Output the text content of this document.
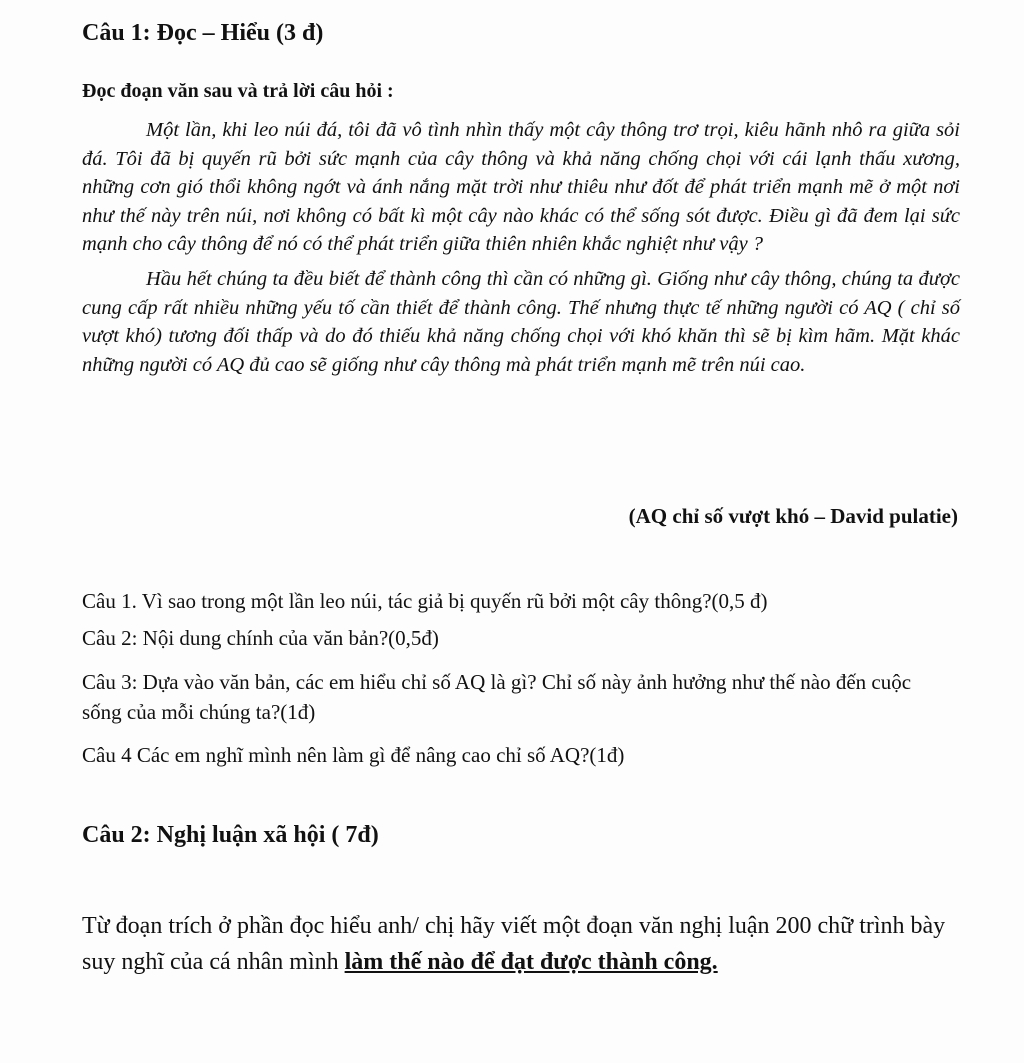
Câu 1: Đọc – Hiểu (3 đ)
Đọc đoạn văn sau và trả lời câu hỏi :

Một lần, khi leo núi đá, tôi đã vô tình nhìn thấy một cây thông trơ trọi, kiêu hãnh nhô ra giữa sỏi đá. Tôi đã bị quyến rũ bởi sức mạnh của cây thông và khả năng chống chọi với cái lạnh thấu xương, những cơn gió thổi không ngớt và ánh nắng mặt trời như thiêu như đốt để phát triển mạnh mẽ ở một nơi như thế này trên núi, nơi không có bất kì một cây nào khác có thể sống sót được. Điều gì đã đem lại sức mạnh cho cây thông để nó có thể phát triển giữa thiên nhiên khắc nghiệt như vậy ?

Hầu hết chúng ta đều biết để thành công thì cần có những gì. Giống như cây thông, chúng ta được cung cấp rất nhiều những yếu tố cần thiết để thành công. Thế nhưng thực tế những người có AQ ( chỉ số vượt khó) tương đối thấp và do đó thiếu khả năng chống chọi với khó khăn thì sẽ bị kìm hãm. Mặt khác những người có AQ đủ cao sẽ giống như cây thông mà phát triển mạnh mẽ trên núi cao.

(AQ chỉ số vượt khó – David pulatie)
Câu 1. Vì sao trong một lần leo núi, tác giả bị quyến rũ bởi một cây thông?(0,5 đ)
Câu 2: Nội dung chính của văn bản?(0,5đ)
Câu 3: Dựa vào văn bản, các em hiểu chỉ số AQ là gì? Chỉ số này ảnh hưởng như thế nào đến cuộc sống của mỗi chúng ta?(1đ)
Câu 4 Các em nghĩ mình nên làm gì để nâng cao chỉ số AQ?(1đ)
Câu 2: Nghị luận xã hội ( 7đ)
Từ đoạn trích ở phần đọc hiểu anh/ chị hãy viết một đoạn văn nghị luận 200 chữ trình bày suy nghĩ của cá nhân mình làm thế nào để đạt được thành công.
